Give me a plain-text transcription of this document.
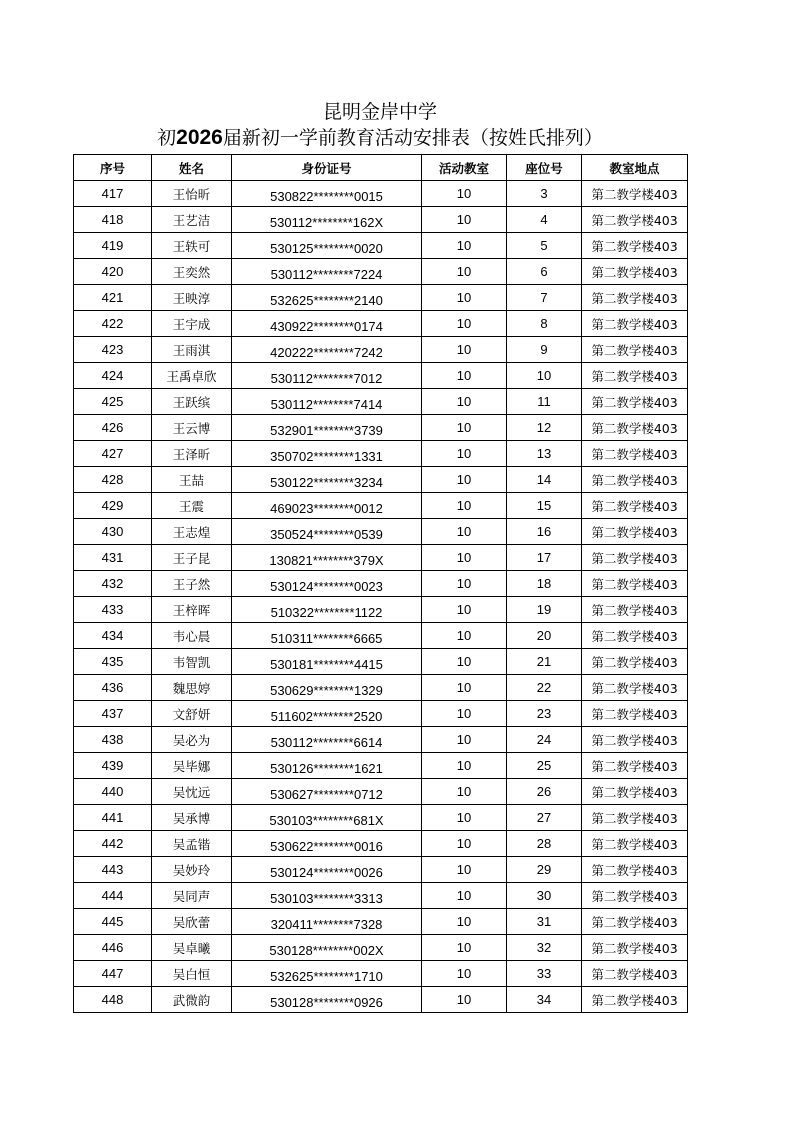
昆明金岸中学
初2026届新初一学前教育活动安排表（按姓氏排列）
序号	姓名	身份证号	活动教室	座位号	教室地点
417	王怡昕	530822********0015	10	3	第二教学楼403
418	王艺洁	530112********162X	10	4	第二教学楼403
419	王轶可	530125********0020	10	5	第二教学楼403
420	王奕然	530112********7224	10	6	第二教学楼403
421	王映淳	532625********2140	10	7	第二教学楼403
422	王宇成	430922********0174	10	8	第二教学楼403
423	王雨淇	420222********7242	10	9	第二教学楼403
424	王禹卓欣	530112********7012	10	10	第二教学楼403
425	王跃缤	530112********7414	10	11	第二教学楼403
426	王云博	532901********3739	10	12	第二教学楼403
427	王泽昕	350702********1331	10	13	第二教学楼403
428	王喆	530122********3234	10	14	第二教学楼403
429	王震	469023********0012	10	15	第二教学楼403
430	王志煌	350524********0539	10	16	第二教学楼403
431	王子昆	130821********379X	10	17	第二教学楼403
432	王子然	530124********0023	10	18	第二教学楼403
433	王梓晖	510322********1122	10	19	第二教学楼403
434	韦心晨	510311********6665	10	20	第二教学楼403
435	韦智凯	530181********4415	10	21	第二教学楼403
436	魏思婷	530629********1329	10	22	第二教学楼403
437	文舒妍	511602********2520	10	23	第二教学楼403
438	吴必为	530112********6614	10	24	第二教学楼403
439	吴毕娜	530126********1621	10	25	第二教学楼403
440	吴忱远	530627********0712	10	26	第二教学楼403
441	吴承博	530103********681X	10	27	第二教学楼403
442	吴孟锴	530622********0016	10	28	第二教学楼403
443	吴妙玲	530124********0026	10	29	第二教学楼403
444	吴同声	530103********3313	10	30	第二教学楼403
445	吴欣蕾	320411********7328	10	31	第二教学楼403
446	吴卓曦	530128********002X	10	32	第二教学楼403
447	吴白恒	532625********1710	10	33	第二教学楼403
448	武微韵	530128********0926	10	34	第二教学楼403
